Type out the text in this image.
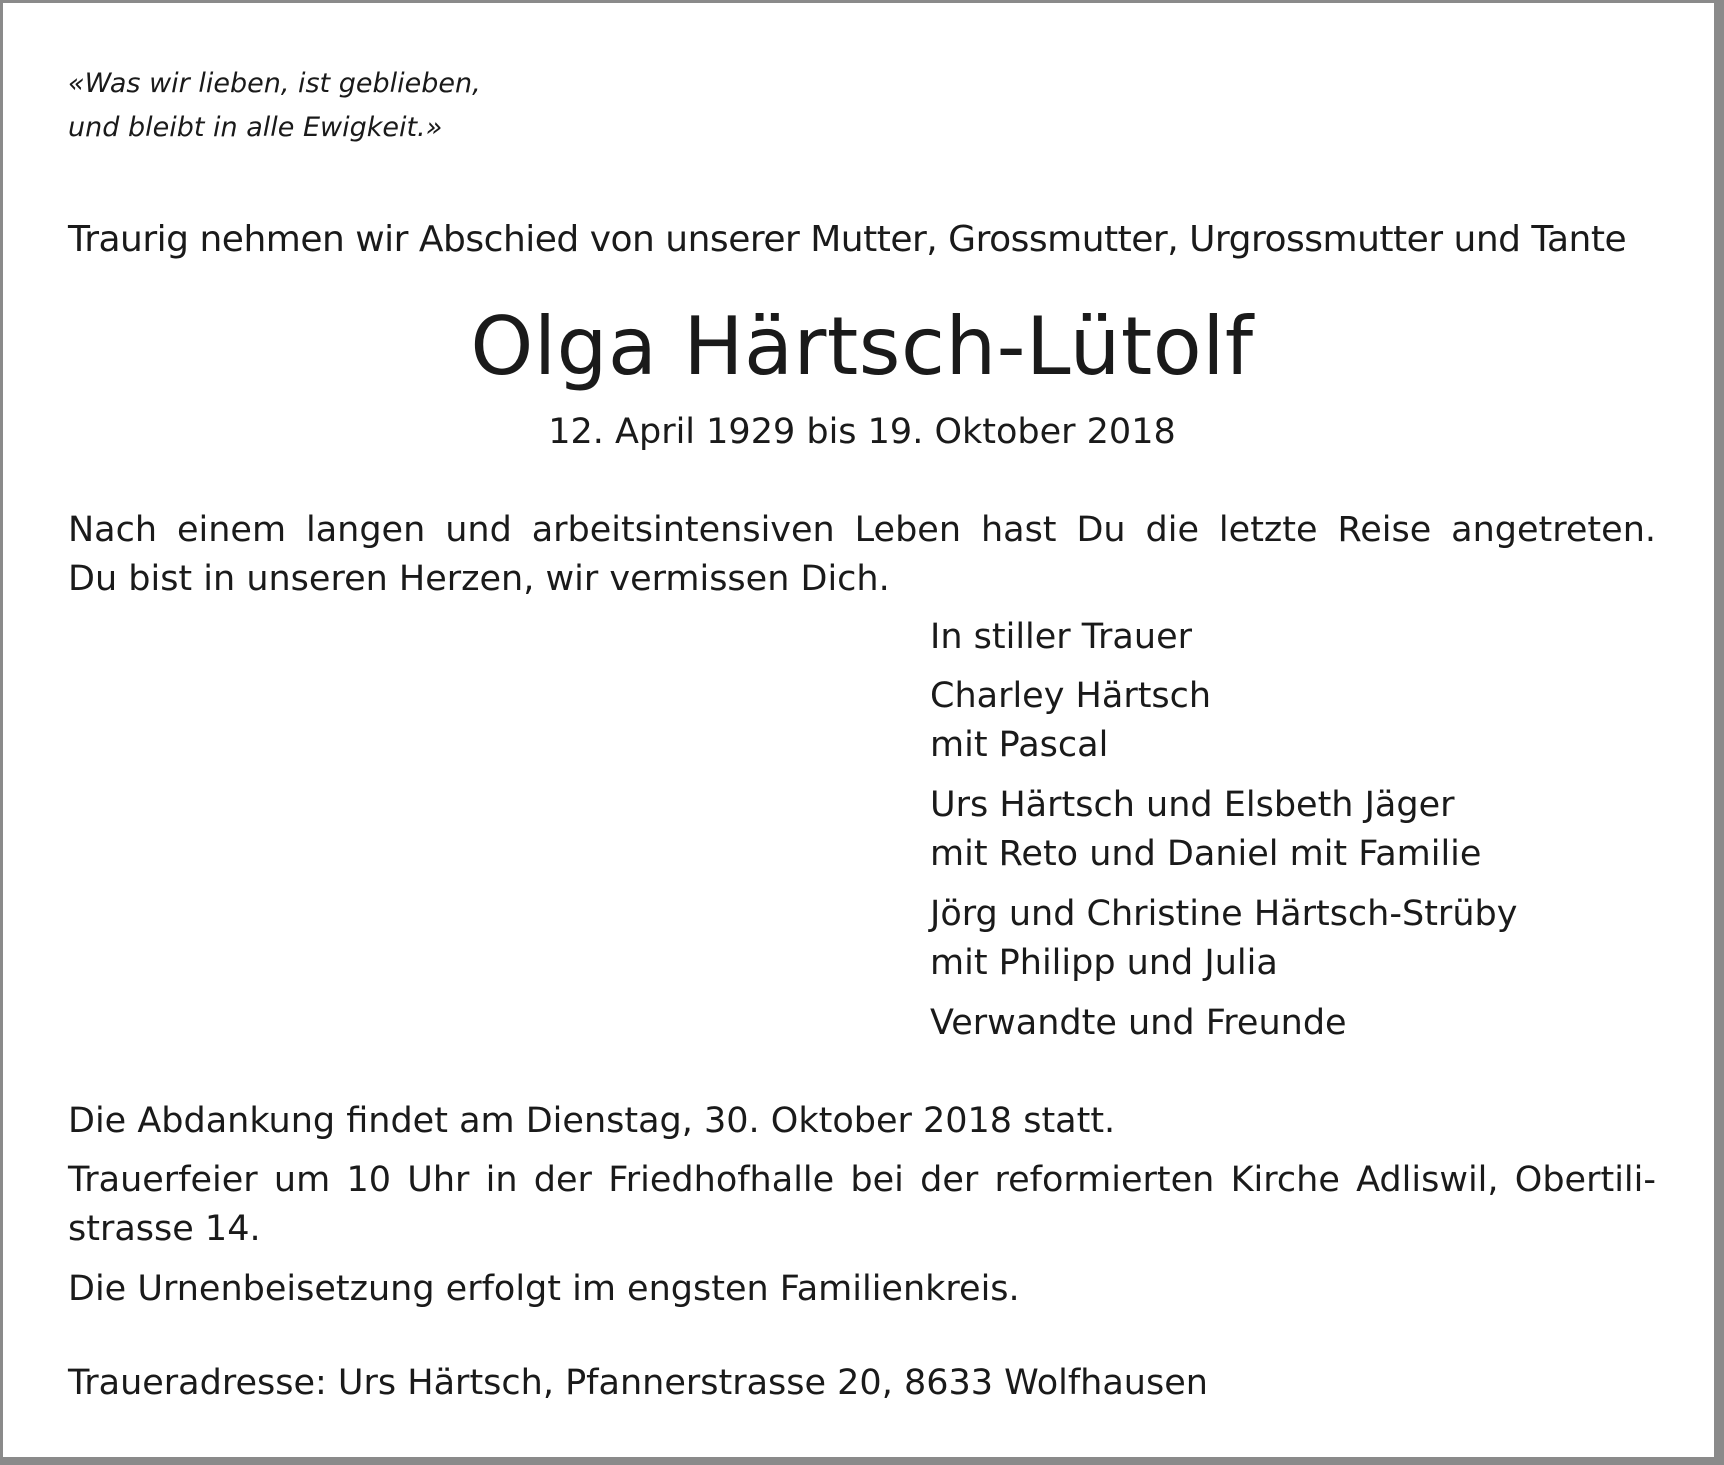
«Was wir lieben, ist geblieben,
und bleibt in alle Ewigkeit.»
Traurig nehmen wir Abschied von unserer Mutter, Grossmutter, Urgrossmutter und Tante
Olga Härtsch-Lütolf
12. April 1929 bis 19. Oktober 2018
Nach einem langen und arbeitsintensiven Leben hast Du die letzte Reise angetreten.
Du bist in unseren Herzen, wir vermissen Dich.
In stiller Trauer
Charley Härtsch
mit Pascal
Urs Härtsch und Elsbeth Jäger
mit Reto und Daniel mit Familie
Jörg und Christine Härtsch-Strüby
mit Philipp und Julia
Verwandte und Freunde
Die Abdankung findet am Dienstag, 30. Oktober 2018 statt.
Trauerfeier um 10 Uhr in der Friedhofhalle bei der reformierten Kirche Adliswil, Obertili-
strasse 14.
Die Urnenbeisetzung erfolgt im engsten Familienkreis.
Traueradresse: Urs Härtsch, Pfannerstrasse 20, 8633 Wolfhausen
